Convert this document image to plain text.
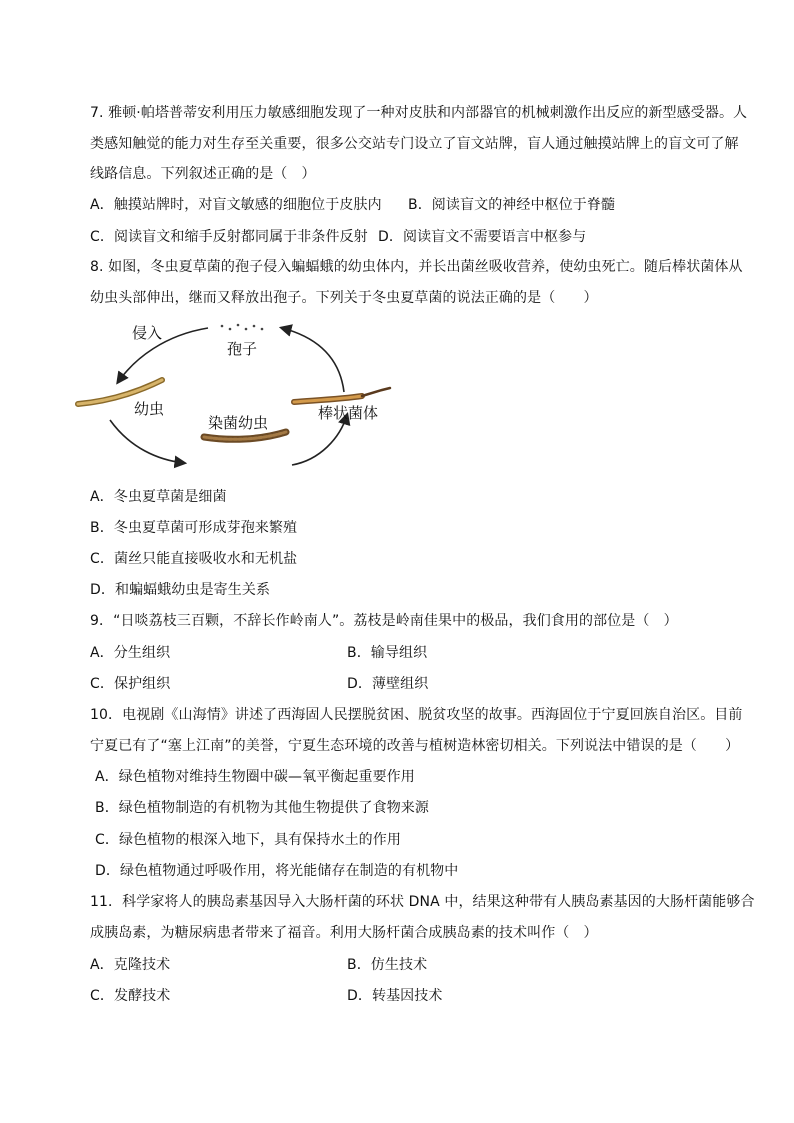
7. 雅顿·帕塔普蒂安利用压力敏感细胞发现了一种对皮肤和内部器官的机械刺激作出反应的新型感受器。人
类感知触觉的能力对生存至关重要，很多公交站专门设立了盲文站牌，盲人通过触摸站牌上的盲文可了解
线路信息。下列叙述正确的是（　）
A．触摸站牌时，对盲文敏感的细胞位于皮肤内 B．阅读盲文的神经中枢位于脊髓
C．阅读盲文和缩手反射都同属于非条件反射 D．阅读盲文不需要语言中枢参与
8. 如图，冬虫夏草菌的孢子侵入蝙蝠蛾的幼虫体内，并长出菌丝吸收营养，使幼虫死亡。随后棒状菌体从
幼虫头部伸出，继而又释放出孢子。下列关于冬虫夏草菌的说法正确的是（　　）
侵入
孢子
幼虫
染菌幼虫
棒状菌体
A．冬虫夏草菌是细菌
B．冬虫夏草菌可形成芽孢来繁殖
C．菌丝只能直接吸收水和无机盐
D．和蝙蝠蛾幼虫是寄生关系
9．“日啖荔枝三百颗，不辞长作岭南人”。荔枝是岭南佳果中的极品，我们食用的部位是（　）
A．分生组织	B．输导组织
C．保护组织	D．薄壁组织
10．电视剧《山海情》讲述了西海固人民摆脱贫困、脱贫攻坚的故事。西海固位于宁夏回族自治区。目前
宁夏已有了“塞上江南”的美誉，宁夏生态环境的改善与植树造林密切相关。下列说法中错误的是（　　）
A．绿色植物对维持生物圈中碳—氧平衡起重要作用
B．绿色植物制造的有机物为其他生物提供了食物来源
C．绿色植物的根深入地下，具有保持水土的作用
D．绿色植物通过呼吸作用，将光能储存在制造的有机物中
11．科学家将人的胰岛素基因导入大肠杆菌的环状 DNA 中，结果这种带有人胰岛素基因的大肠杆菌能够合
成胰岛素，为糖尿病患者带来了福音。利用大肠杆菌合成胰岛素的技术叫作（　）
A．克隆技术	B．仿生技术
C．发酵技术	D．转基因技术
